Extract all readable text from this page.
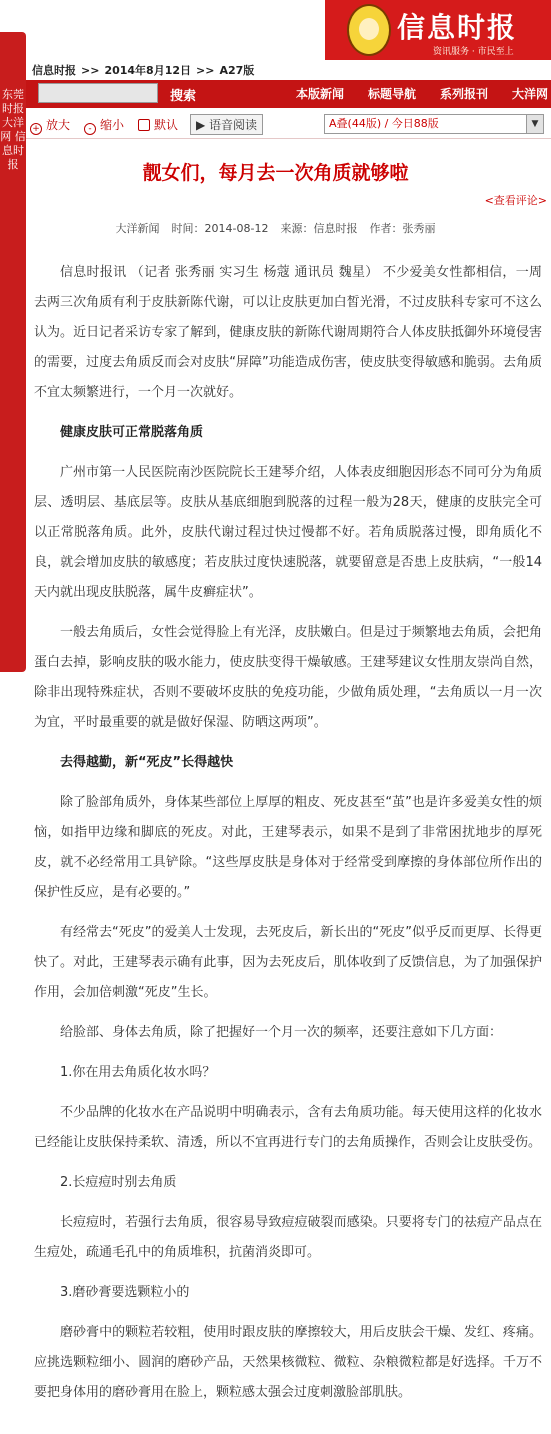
东莞时报 大洋网 信息时报
信息时报 >> 2014年8月12日 >> A27版
信息时报
资讯服务 · 市民至上
搜索	本版新闻 标题导航 系列报刊 大洋网
+ 放大	- 缩小	默认	▶ 语音阅读	A叠(44版) / 今日88版	▼
靓女们，每月去一次角质就够啦
<查看评论>
大洋新闻 时间：2014-08-12 来源：信息时报 作者：张秀丽

信息时报讯 （记者 张秀丽 实习生 杨蔻 通讯员 魏星） 不少爱美女性都相信，一周去两三次角质有利于皮肤新陈代谢，可以让皮肤更加白皙光滑，不过皮肤科专家可不这么认为。近日记者采访专家了解到，健康皮肤的新陈代谢周期符合人体皮肤抵御外环境侵害的需要，过度去角质反而会对皮肤“屏障”功能造成伤害，使皮肤变得敏感和脆弱。去角质不宜太频繁进行，一个月一次就好。

健康皮肤可正常脱落角质

广州市第一人民医院南沙医院院长王建琴介绍，人体表皮细胞因形态不同可分为角质层、透明层、基底层等。皮肤从基底细胞到脱落的过程一般为28天，健康的皮肤完全可以正常脱落角质。此外，皮肤代谢过程过快过慢都不好。若角质脱落过慢，即角质化不良，就会增加皮肤的敏感度；若皮肤过度快速脱落，就要留意是否患上皮肤病，“一般14天内就出现皮肤脱落，属牛皮癣症状”。

一般去角质后，女性会觉得脸上有光泽，皮肤嫩白。但是过于频繁地去角质，会把角蛋白去掉，影响皮肤的吸水能力，使皮肤变得干燥敏感。王建琴建议女性朋友崇尚自然，除非出现特殊症状，否则不要破坏皮肤的免疫功能，少做角质处理，“去角质以一月一次为宜，平时最重要的就是做好保湿、防晒这两项”。

去得越勤，新“死皮”长得越快

除了脸部角质外，身体某些部位上厚厚的粗皮、死皮甚至“茧”也是许多爱美女性的烦恼，如指甲边缘和脚底的死皮。对此，王建琴表示，如果不是到了非常困扰地步的厚死皮，就不必经常用工具铲除。“这些厚皮肤是身体对于经常受到摩擦的身体部位所作出的保护性反应，是有必要的。”

有经常去“死皮”的爱美人士发现，去死皮后，新长出的“死皮”似乎反而更厚、长得更快了。对此，王建琴表示确有此事，因为去死皮后，肌体收到了反馈信息，为了加强保护作用，会加倍刺激“死皮”生长。

给脸部、身体去角质，除了把握好一个月一次的频率，还要注意如下几方面：

1.你在用去角质化妆水吗？

不少品牌的化妆水在产品说明中明确表示，含有去角质功能。每天使用这样的化妆水已经能让皮肤保持柔软、清透，所以不宜再进行专门的去角质操作，否则会让皮肤受伤。

2.长痘痘时别去角质

长痘痘时，若强行去角质，很容易导致痘痘破裂而感染。只要将专门的祛痘产品点在生痘处，疏通毛孔中的角质堆积，抗菌消炎即可。

3.磨砂膏要选颗粒小的

磨砂膏中的颗粒若较粗，使用时跟皮肤的摩擦较大，用后皮肤会干燥、发红、疼痛。应挑选颗粒细小、圆润的磨砂产品，天然果核微粒、微粒、杂粮微粒都是好选择。千万不要把身体用的磨砂膏用在脸上，颗粒感太强会过度刺激脸部肌肤。
